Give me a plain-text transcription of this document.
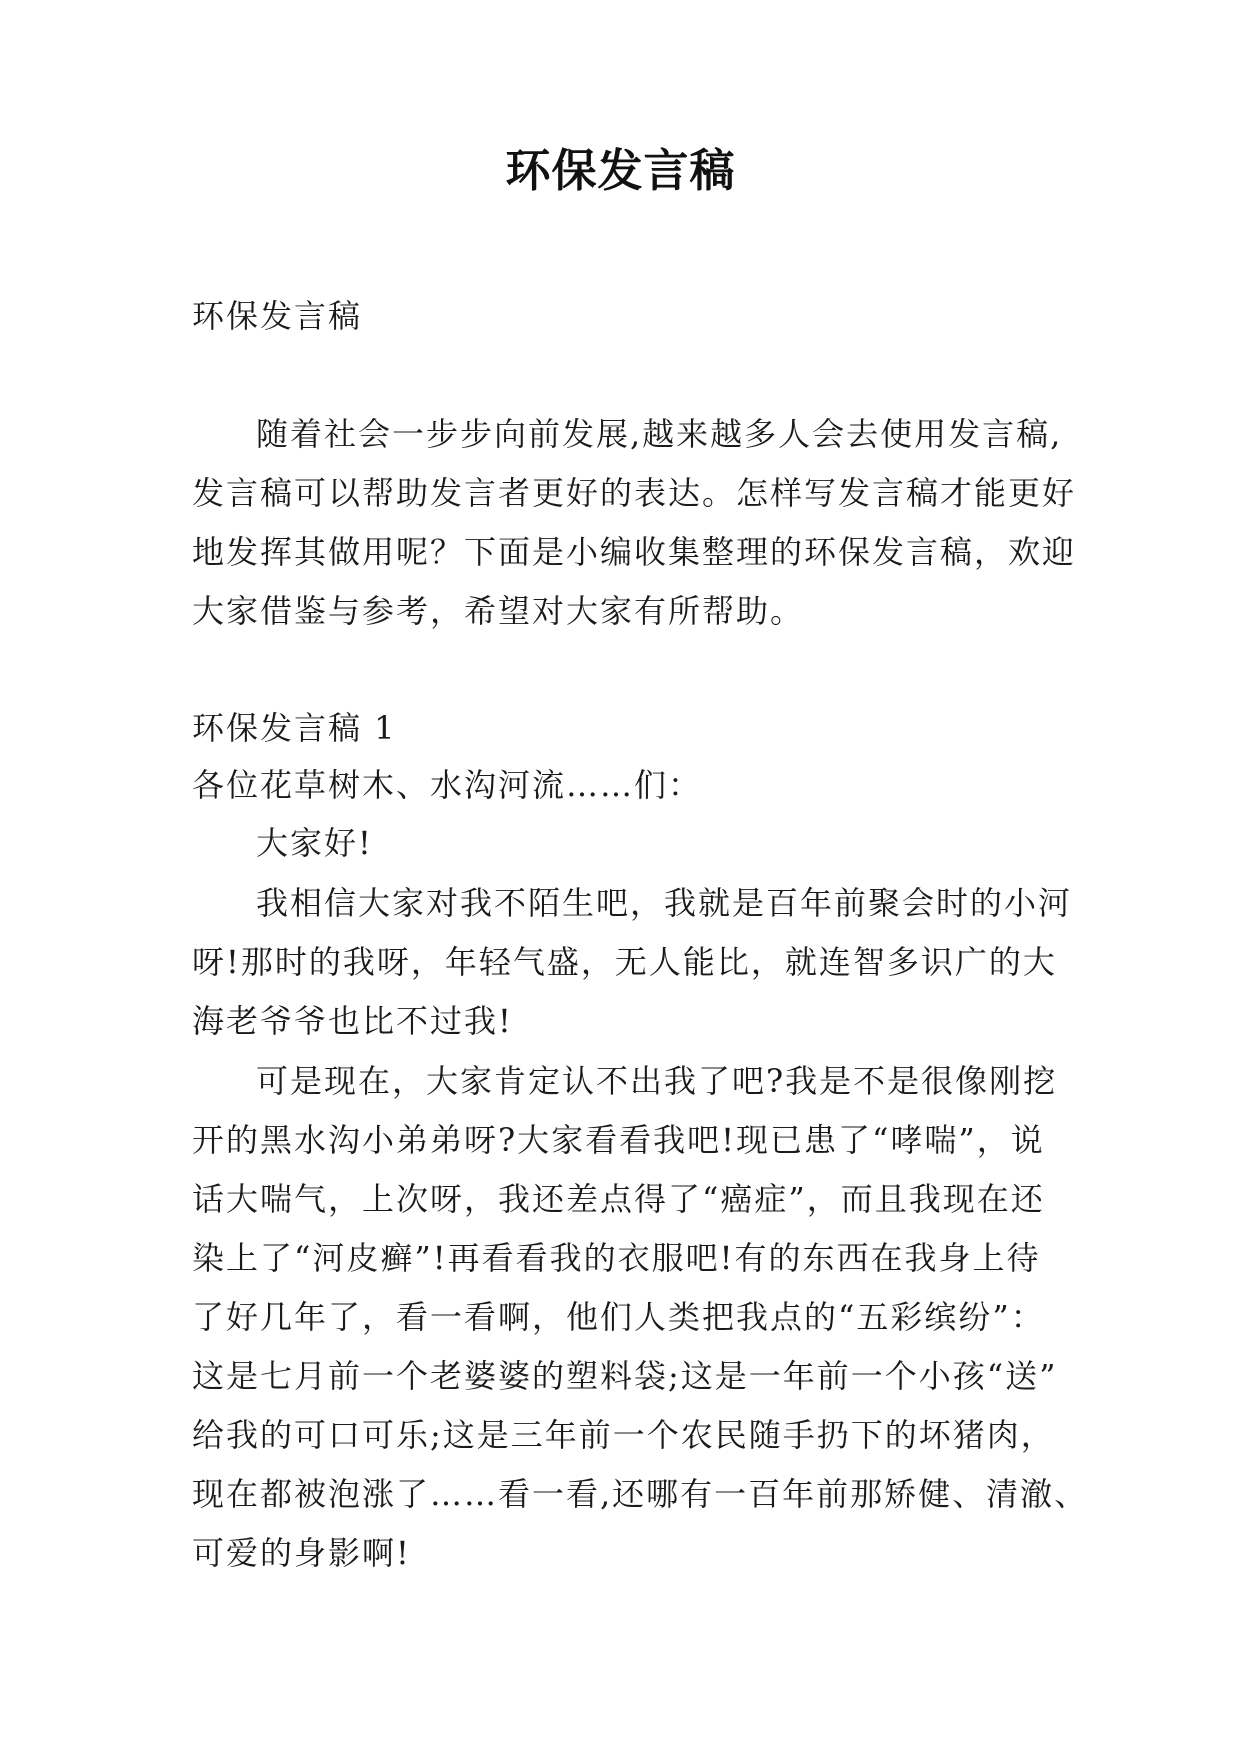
环保发言稿
环保发言稿
随着社会一步步向前发展,越来越多人会去使用发言稿,
发言稿可以帮助发言者更好的表达。怎样写发言稿才能更好
地发挥其做用呢？下面是小编收集整理的环保发言稿，欢迎
大家借鉴与参考，希望对大家有所帮助。
环保发言稿 1
各位花草树木、水沟河流……们：
大家好!
我相信大家对我不陌生吧，我就是百年前聚会时的小河
呀!那时的我呀，年轻气盛，无人能比，就连智多识广的大
海老爷爷也比不过我!
可是现在，大家肯定认不出我了吧?我是不是很像刚挖
开的黑水沟小弟弟呀?大家看看我吧!现已患了“哮喘”，说
话大喘气，上次呀，我还差点得了“癌症”，而且我现在还
染上了“河皮癣”!再看看我的衣服吧!有的东西在我身上待
了好几年了，看一看啊，他们人类把我点的“五彩缤纷”：
这是七月前一个老婆婆的塑料袋;这是一年前一个小孩“送”
给我的可口可乐;这是三年前一个农民随手扔下的坏猪肉，
现在都被泡涨了……看一看,还哪有一百年前那矫健、清澈、
可爱的身影啊!
